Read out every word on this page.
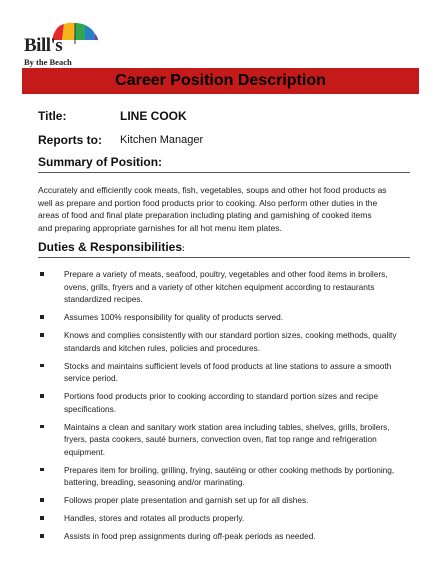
Bill's
By the Beach
Career Position Description
Title:	LINE COOK
Reports to: Kitchen Manager
Summary of Position:
Accurately and efficiently cook meats, fish, vegetables, soups and other hot food products as well as prepare and portion food products prior to cooking. Also perform other duties in the areas of food and final plate preparation including plating and garnishing of cooked items and preparing appropriate garnishes for all hot menu item plates.
Duties & Responsibilities:
Prepare a variety of meats, seafood, poultry, vegetables and other food items in broilers, ovens, grills, fryers and a variety of other kitchen equipment according to restaurants standardized recipes.
Assumes 100% responsibility for quality of products served.
Knows and complies consistently with our standard portion sizes, cooking methods, quality standards and kitchen rules, policies and procedures.
Stocks and maintains sufficient levels of food products at line stations to assure a smooth service period.
Portions food products prior to cooking according to standard portion sizes and recipe specifications.
Maintains a clean and sanitary work station area including tables, shelves, grills, broilers, fryers, pasta cookers, sauté burners, convection oven, flat top range and refrigeration equipment.
Prepares item for broiling, grilling, frying, sautéing or other cooking methods by portioning, battering, breading, seasoning and/or marinating.
Follows proper plate presentation and garnish set up for all dishes.
Handles, stores and rotates all products properly.
Assists in food prep assignments during off-peak periods as needed.
